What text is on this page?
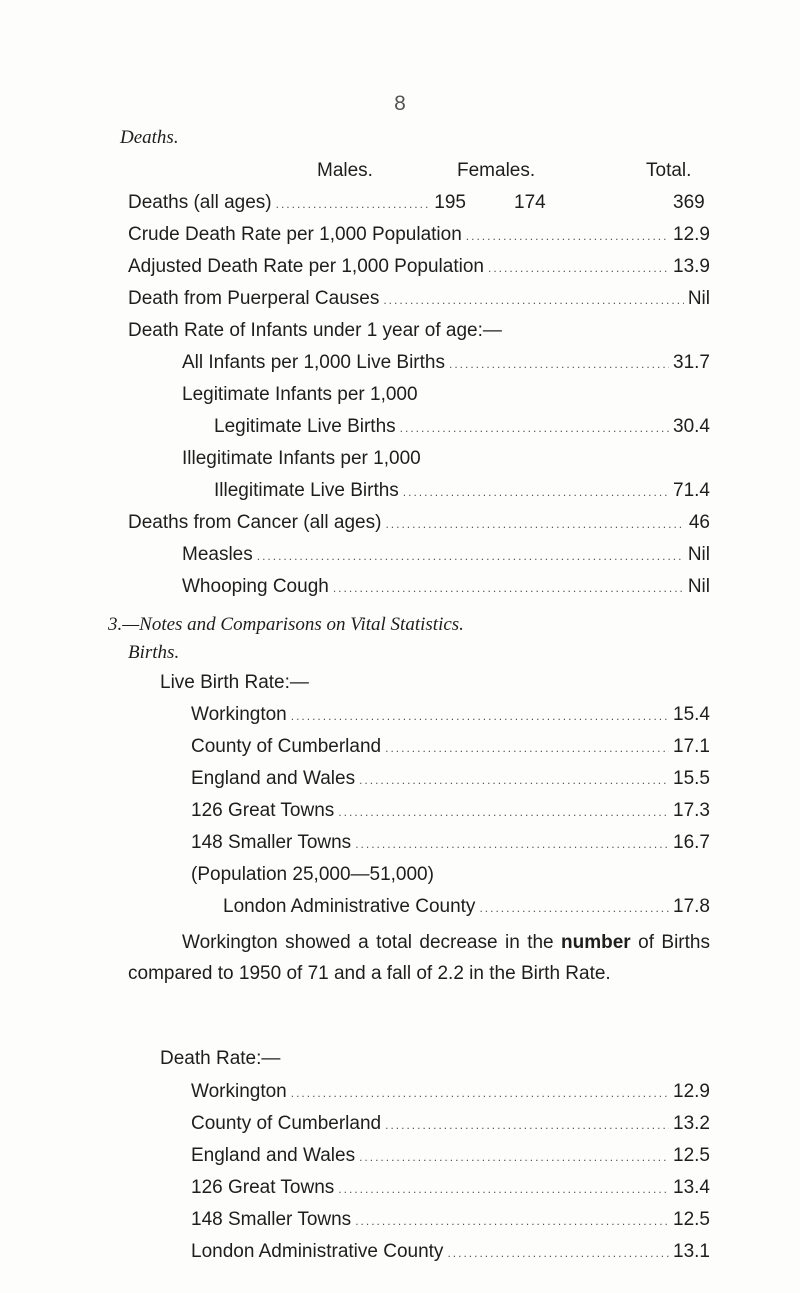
8
Deaths.
Males.	Females.	Total.
Deaths (all ages) .....	195	174	369
Crude Death Rate per 1,000 Population .....	12.9
Adjusted Death Rate per 1,000 Population .....	13.9
Death from Puerperal Causes .....	Nil
Death Rate of Infants under 1 year of age:—
All Infants per 1,000 Live Births .....	31.7
Legitimate Infants per 1,000
Legitimate Live Births .....	30.4
Illegitimate Infants per 1,000
Illegitimate Live Births .....	71.4
Deaths from Cancer (all ages) .....	46
Measles .....	Nil
Whooping Cough .....	Nil
3.—Notes and Comparisons on Vital Statistics.
Births.
Live Birth Rate:—
Workington .....	15.4
County of Cumberland .....	17.1
England and Wales .....	15.5
126 Great Towns .....	17.3
148 Smaller Towns .....	16.7
(Population 25,000—51,000)
London Administrative County .....	17.8
Workington showed a total decrease in the number of Births compared to 1950 of 71 and a fall of 2.2 in the Birth Rate.
Death Rate:—
Workington .....	12.9
County of Cumberland .....	13.2
England and Wales .....	12.5
126 Great Towns .....	13.4
148 Smaller Towns .....	12.5
London Administrative County .....	13.1
